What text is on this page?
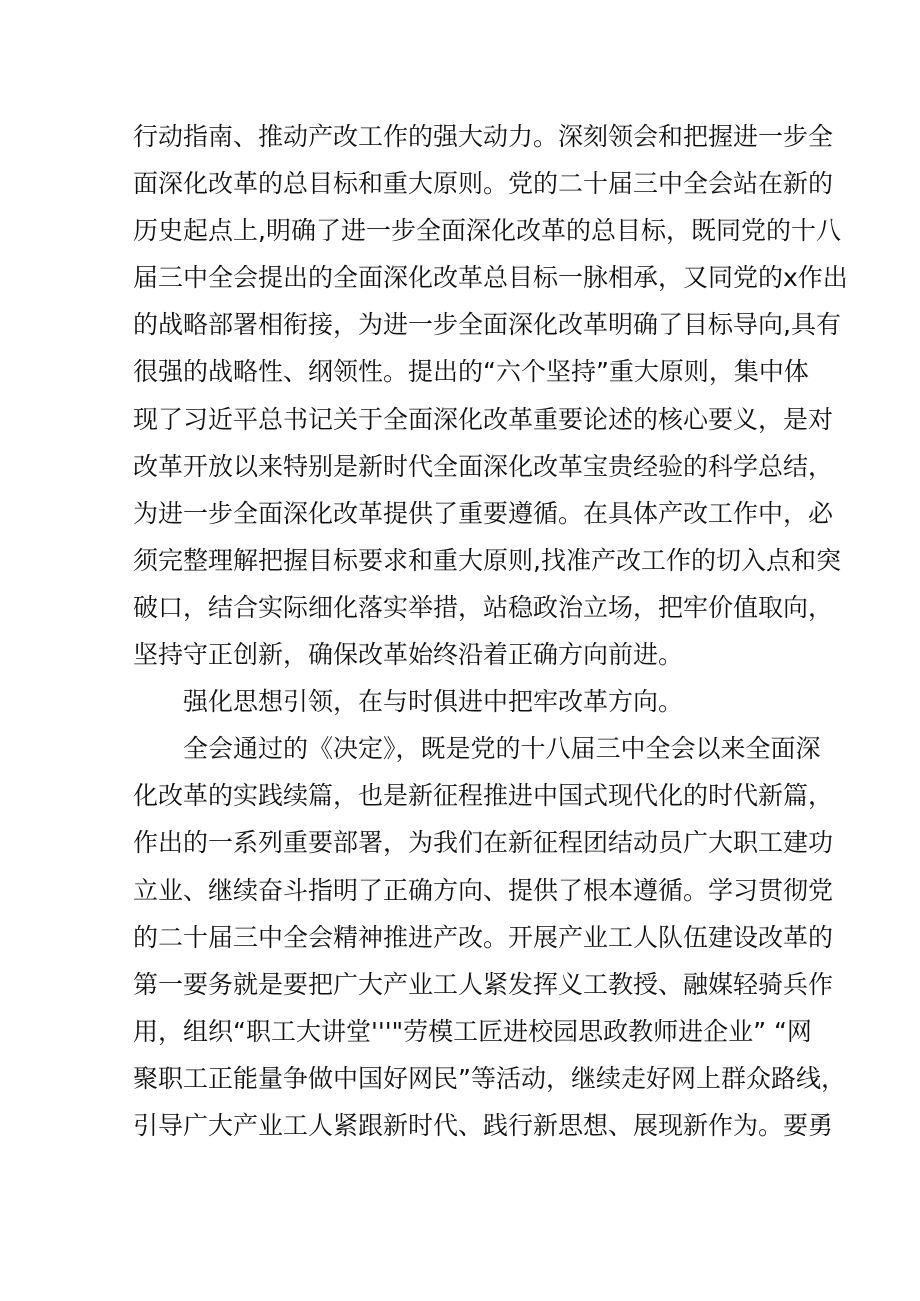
行动指南、推动产改工作的强大动力。深刻领会和把握进一步全
面深化改革的总目标和重大原则。党的二十届三中全会站在新的
历史起点上,明确了进一步全面深化改革的总目标，既同党的十八
届三中全会提出的全面深化改革总目标一脉相承，又同党的x作出
的战略部署相衔接，为进一步全面深化改革明确了目标导向,具有
很强的战略性、纲领性。提出的“六个坚持”重大原则，集中体
现了习近平总书记关于全面深化改革重要论述的核心要义，是对
改革开放以来特别是新时代全面深化改革宝贵经验的科学总结，
为进一步全面深化改革提供了重要遵循。在具体产改工作中，必
须完整理解把握目标要求和重大原则,找准产改工作的切入点和突
破口，结合实际细化落实举措，站稳政治立场，把牢价值取向，
坚持守正创新，确保改革始终沿着正确方向前进。
强化思想引领，在与时俱进中把牢改革方向。
全会通过的《决定》，既是党的十八届三中全会以来全面深
化改革的实践续篇，也是新征程推进中国式现代化的时代新篇，
作出的一系列重要部署，为我们在新征程团结动员广大职工建功
立业、继续奋斗指明了正确方向、提供了根本遵循。学习贯彻党
的二十届三中全会精神推进产改。开展产业工人队伍建设改革的
第一要务就是要把广大产业工人紧发挥义工教授、融媒轻骑兵作
用，组织“职工大讲堂'''"劳模工匠进校园思政教师进企业” “网
聚职工正能量争做中国好网民”等活动，继续走好网上群众路线，
引导广大产业工人紧跟新时代、践行新思想、展现新作为。要勇
